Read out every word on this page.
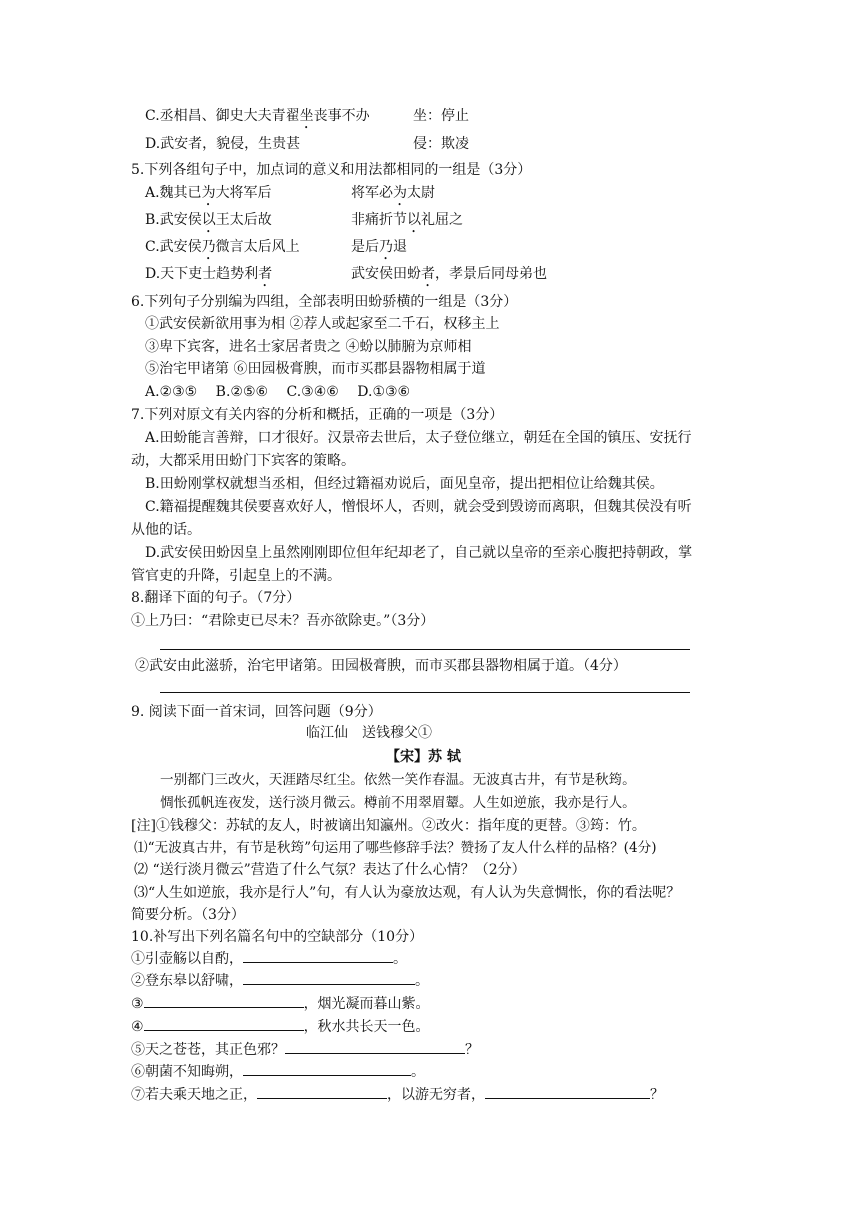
C.丞相昌、御史大夫青翟坐丧事不办	坐：停止
D.武安者，貌侵，生贵甚	侵：欺凌
5.下列各组句子中，加点词的意义和用法都相同的一组是（3分）
A.魏其已为大将军后	将军必为太尉
B.武安侯以王太后故	非痛折节以礼屈之
C.武安侯乃微言太后风上	是后乃退
D.天下吏士趋势利者	武安侯田蚡者，孝景后同母弟也
6.下列句子分别编为四组，全部表明田蚡骄横的一组是（3分）
①武安侯新欲用事为相 ②荐人或起家至二千石，权移主上
③卑下宾客，进名士家居者贵之 ④蚡以肺腑为京师相
⑤治宅甲诸第 ⑥田园极膏腴，而市买郡县器物相属于道
A.②③⑤　 B.②⑤⑥　 C.③④⑥　 D.①③⑥
7.下列对原文有关内容的分析和概括，正确的一项是（3分）
A.田蚡能言善辩，口才很好。汉景帝去世后，太子登位继立，朝廷在全国的镇压、安抚行
动，大都采用田蚡门下宾客的策略。
B.田蚡刚掌权就想当丞相，但经过籍福劝说后，面见皇帝，提出把相位让给魏其侯。
C.籍福提醒魏其侯要喜欢好人，憎恨坏人，否则，就会受到毁谤而离职，但魏其侯没有听
从他的话。
D.武安侯田蚡因皇上虽然刚刚即位但年纪却老了，自己就以皇帝的至亲心腹把持朝政，掌
管官吏的升降，引起皇上的不满。
8.翻译下面的句子。（7分）
①上乃曰：“君除吏已尽未？吾亦欲除吏。”（3分）
②武安由此滋骄，治宅甲诸第。田园极膏腴，而市买郡县器物相属于道。（4分）
9. 阅读下面一首宋词，回答问题（9分）
临江仙　送钱穆父①
【宋】苏 轼
一别都门三改火，天涯踏尽红尘。依然一笑作春温。无波真古井，有节是秋筠。
惆怅孤帆连夜发，送行淡月微云。樽前不用翠眉颦。人生如逆旅，我亦是行人。
[注]①钱穆父：苏轼的友人，时被谪出知瀛州。②改火：指年度的更替。③筠：竹。
⑴“无波真古井，有节是秋筠”句运用了哪些修辞手法？赞扬了友人什么样的品格？(4分)
⑵ “送行淡月微云”营造了什么气氛？表达了什么心情？（2分）
⑶“人生如逆旅，我亦是行人”句，有人认为豪放达观，有人认为失意惆怅，你的看法呢？
简要分析。（3分）
10.补写出下列名篇名句中的空缺部分（10分）
①引壶觞以自酌，	。
②登东皋以舒啸，	。
③	，烟光凝而暮山紫。
④	，秋水共长天一色。
⑤天之苍苍，其正色邪？	？
⑥朝菌不知晦朔，	。
⑦若夫乘天地之正，	，以游无穷者，	？
